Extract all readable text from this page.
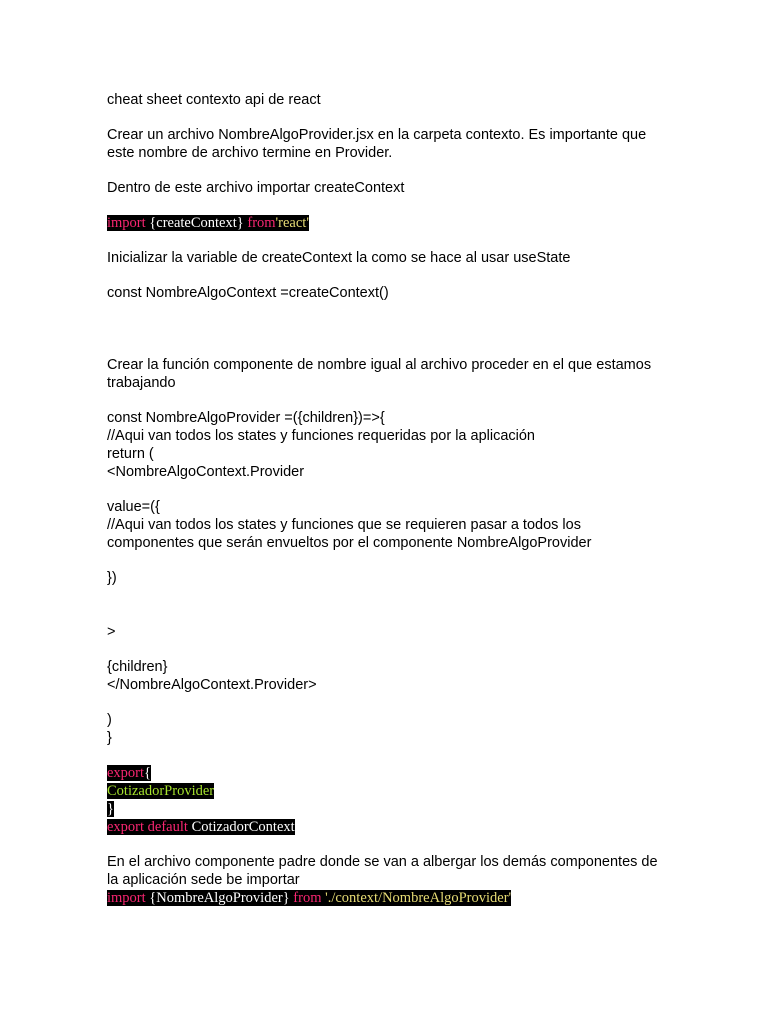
cheat sheet contexto api de react

Crear un archivo NombreAlgoProvider.jsx en la carpeta contexto. Es importante que este nombre de archivo termine en Provider.

Dentro de este archivo importar createContext

import {createContext} from'react'

Inicializar la variable de createContext la como se hace al usar useState

const NombreAlgoContext =createContext()

Crear la función componente de nombre igual al archivo proceder en el que estamos trabajando

const NombreAlgoProvider =({children})=>{

//Aqui van todos los states y funciones requeridas por la aplicación

return (

<NombreAlgoContext.Provider

value=({

//Aqui van todos los states y funciones que se requieren pasar a todos los componentes que serán envueltos por el componente NombreAlgoProvider

})

>

{children}

</NombreAlgoContext.Provider>

)

}

export{

CotizadorProvider

}

export default CotizadorContext

En el archivo componente padre donde se van a albergar los demás componentes de la aplicación sede be importar

import {NombreAlgoProvider} from './context/NombreAlgoProvider'
